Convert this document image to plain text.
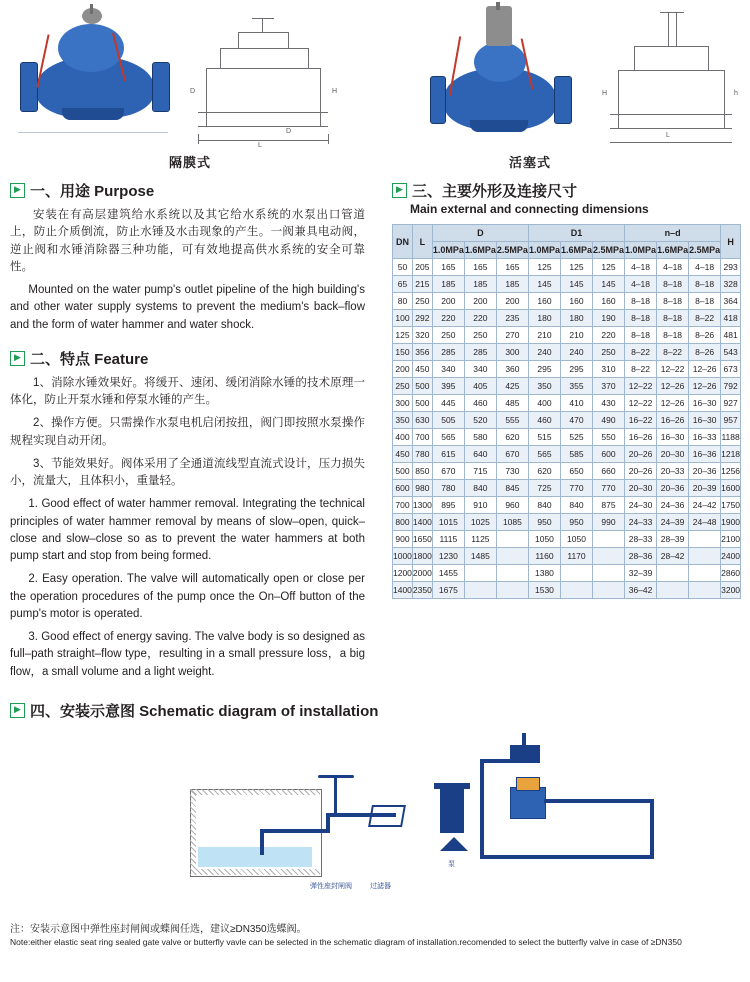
L
D	H
D
L
H	h
隔膜式	活塞式
▶ 一、用途 Purpose

安装在有高层建筑给水系统以及其它给水系统的水泵出口管道上，防止介质倒流，防止水锤及水击现象的产生。一阀兼具电动阀，逆止阀和水锤消除器三种功能，可有效地提高供水系统的安全可靠性。

Mounted on the water pump's outlet pipeline of the high building's and other water supply systems to prevent the medium's back–flow and the form of water hammer and water shock.

▶ 二、特点 Feature

1、消除水锤效果好。将缓开、速闭、缓闭消除水锤的技术原理一体化，防止开泵水锤和停泵水锤的产生。

2、操作方便。只需操作水泵电机启闭按扭，阀门即按照水泵操作规程实现自动开闭。

3、节能效果好。阀体采用了全通道流线型直流式设计，压力损失小，流量大，且体积小，重量轻。

1. Good effect of water hammer removal. Integrating the technical principles of water hammer removal by means of slow–open, quick–close and slow–close so as to prevent the water hammers at both pump start and stop from being formed.

2. Easy operation. The valve will automatically open or close per the operation procedures of the pump once the On–Off button of the pump's motor is operated.

3. Good effect of energy saving. The valve body is so designed as full–path straight–flow type，resulting in a small pressure loss，a big flow，a small volume and a light weight.

▶ 三、主要外形及连接尺寸
Main external and connecting dimensions
DN	L	D			D1			n–d			H
		1.0MPa	1.6MPa	2.5MPa	1.0MPa	1.6MPa	2.5MPa	1.0MPa	1.6MPa	2.5MPa	
50	205	165	165	165	125	125	125	4–18	4–18	4–18	293
65	215	185	185	185	145	145	145	4–18	8–18	8–18	328
80	250	200	200	200	160	160	160	8–18	8–18	8–18	364
100	292	220	220	235	180	180	190	8–18	8–18	8–22	418
125	320	250	250	270	210	210	220	8–18	8–18	8–26	481
150	356	285	285	300	240	240	250	8–22	8–22	8–26	543
200	450	340	340	360	295	295	310	8–22	12–22	12–26	673
250	500	395	405	425	350	355	370	12–22	12–26	12–26	792
300	500	445	460	485	400	410	430	12–22	12–26	16–30	927
350	630	505	520	555	460	470	490	16–22	16–26	16–30	957
400	700	565	580	620	515	525	550	16–26	16–30	16–33	1188
450	780	615	640	670	565	585	600	20–26	20–30	16–36	1218
500	850	670	715	730	620	650	660	20–26	20–33	20–36	1256
600	980	780	840	845	725	770	770	20–30	20–36	20–39	1600
700	1300	895	910	960	840	840	875	24–30	24–36	24–42	1750
800	1400	1015	1025	1085	950	950	990	24–33	24–39	24–48	1900
900	1650	1115	1125		1050	1050		28–33	28–39		2100
1000	1800	1230	1485		1160	1170		28–36	28–42		2400
1200	2000	1455			1380			32–39			2860
1400	2350	1675			1530			36–42			3200
▶ 四、安装示意图 Schematic diagram of installation
弹性座封闸阀	过滤器
泵
注：安装示意图中弹性座封闸阀或蝶阀任选，建议≥DN350选蝶阀。
Note:either elastic seat ring sealed gate valve or butterfly vavle can be selected in the schematic diagram of installation.recomended to select the butterfly valve in case of ≥DN350
